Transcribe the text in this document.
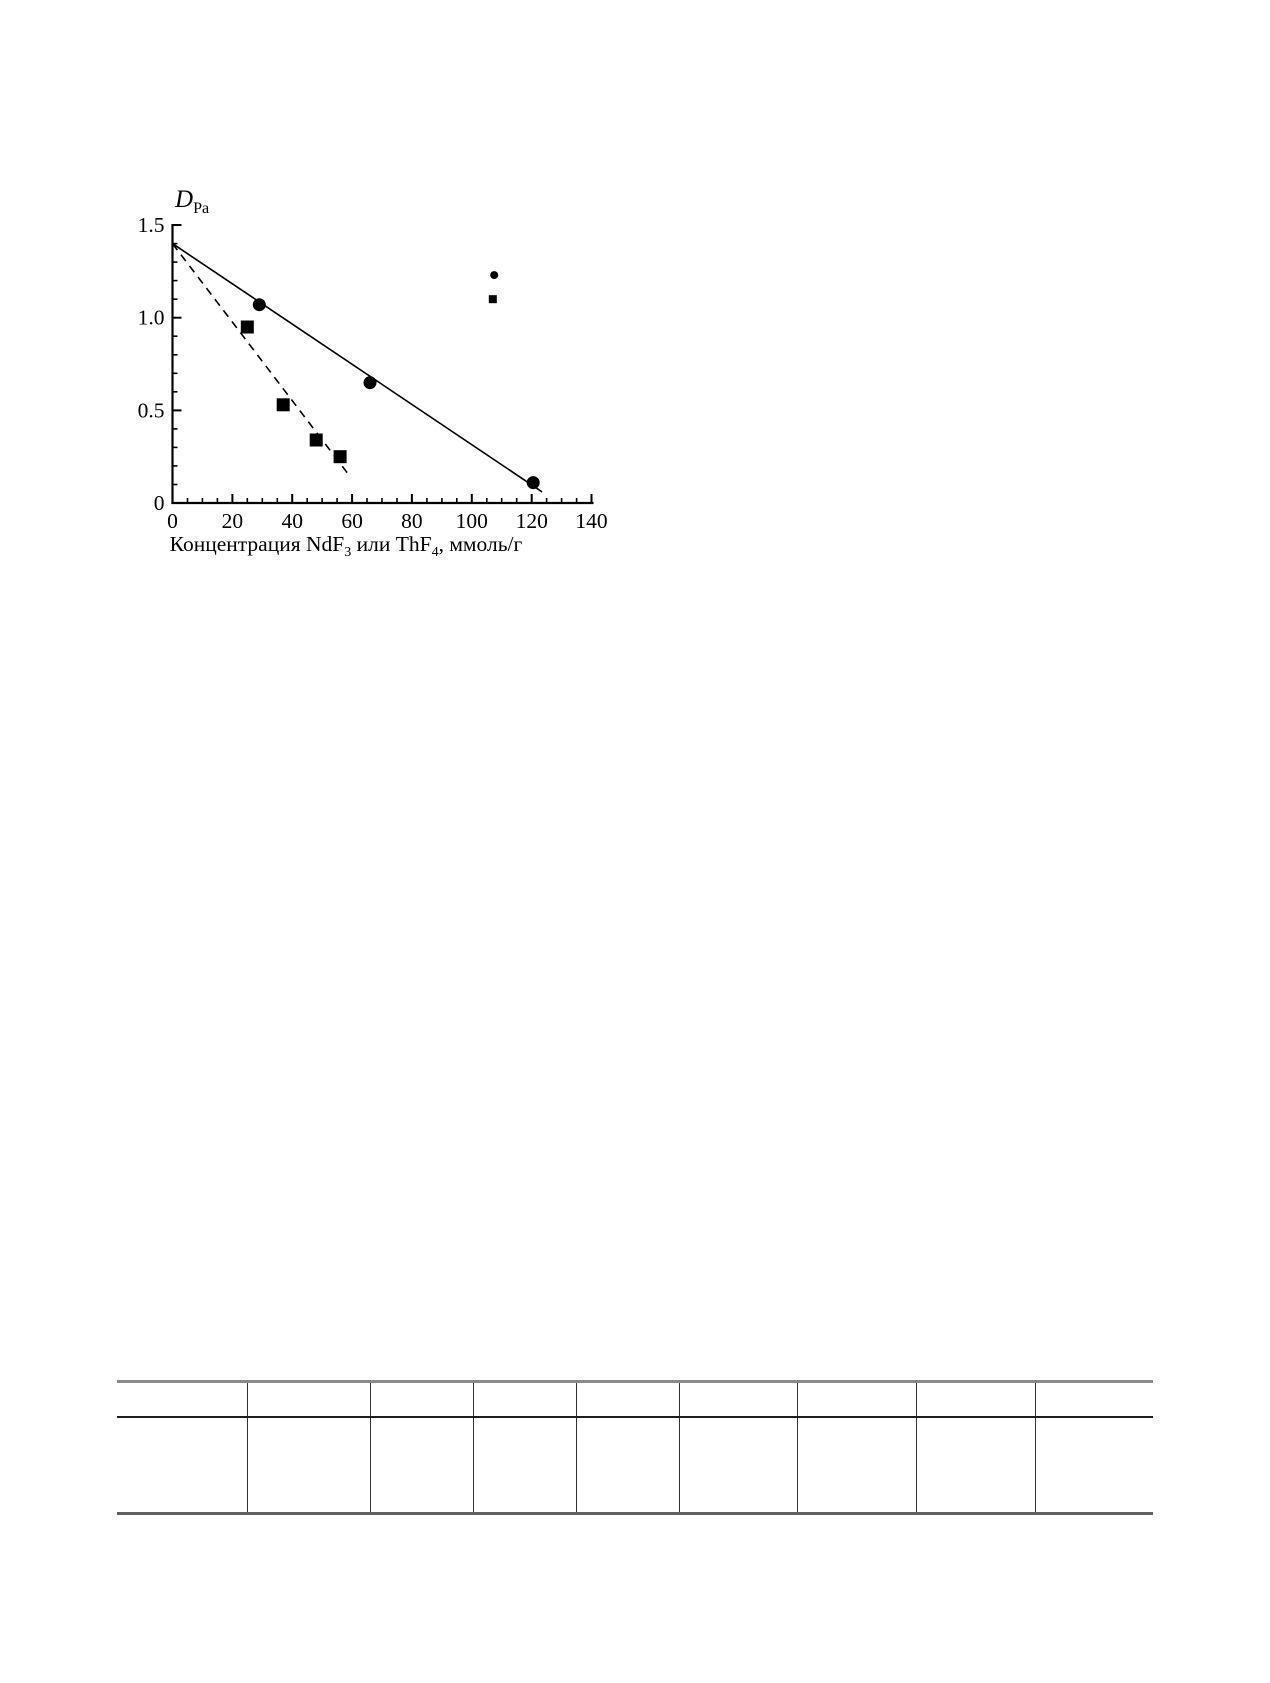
0 20 40 60 80 100 120 140
0
0.5
1.0
1.5
$D_{Pa}$
Концентрация NdF$_3$ или ThF$_4$, ммоль/г
